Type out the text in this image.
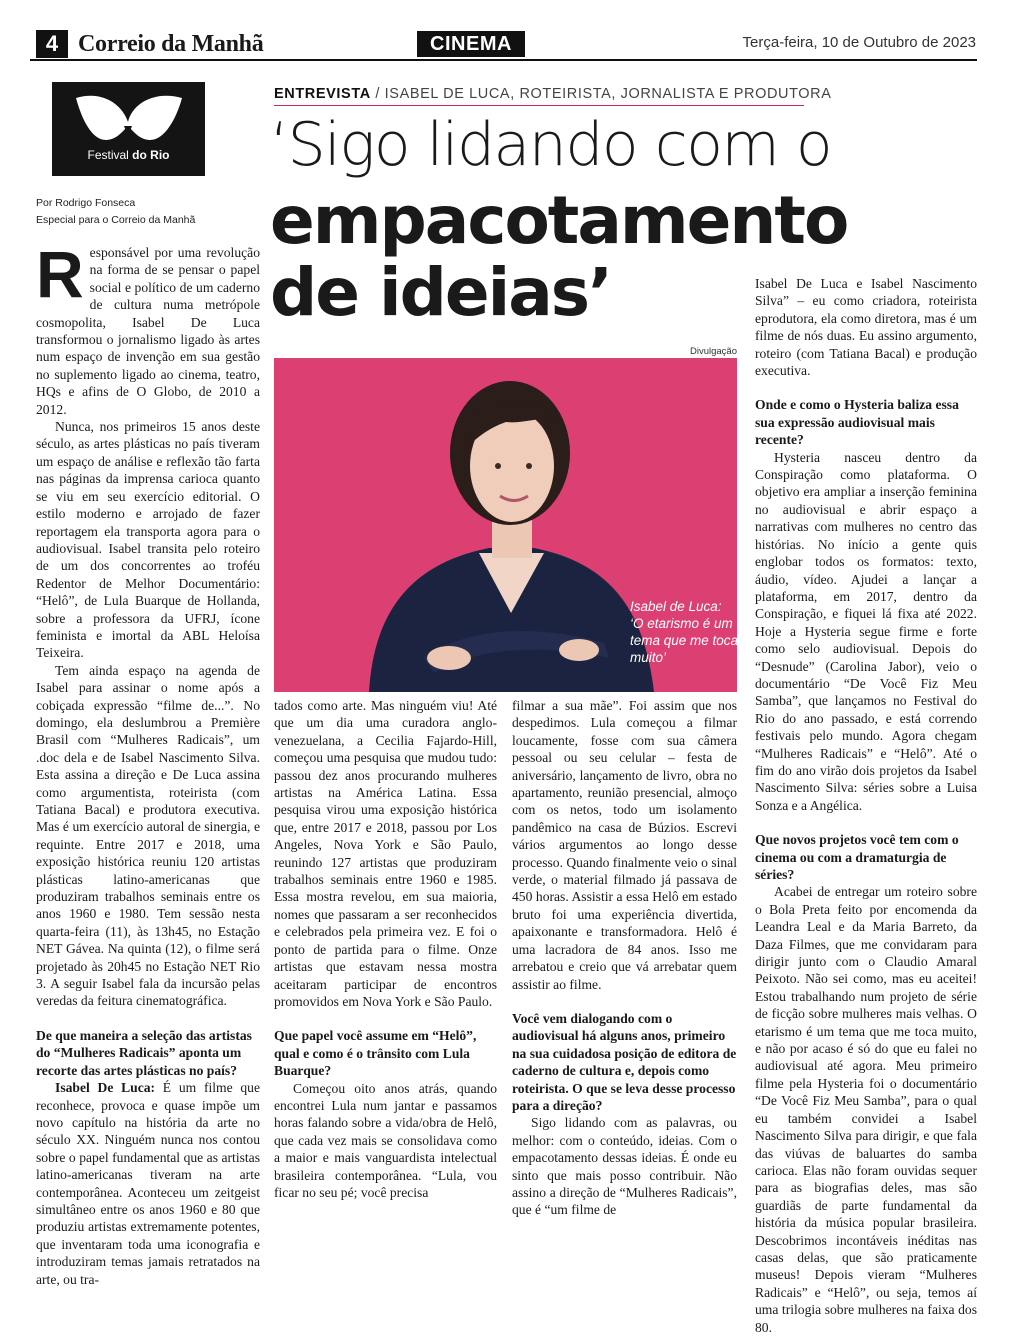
4 Correio da Manhã	CINEMA	Terça-feira, 10 de Outubro de 2023
Festival do Rio
Por Rodrigo Fonseca
Especial para o Correio da Manhã
ENTREVISTA / ISABEL DE LUCA, ROTEIRISTA, JORNALISTA E PRODUTORA
‘Sigo lidando com o
empacotamento
de ideias’
Divulgação
Isabel de Luca:
‘O etarismo é um tema que me toca muito’

Responsável por uma revolução na forma de se pensar o papel social e político de um caderno de cultura numa metrópole cosmopolita, Isabel De Luca transformou o jornalismo ligado às artes num espaço de invenção em sua gestão no suplemento ligado ao cinema, teatro, HQs e afins de O Globo, de 2010 a 2012.

Nunca, nos primeiros 15 anos deste século, as artes plásticas no país tiveram um espaço de análise e reflexão tão farta nas páginas da imprensa carioca quanto se viu em seu exercício editorial. O estilo moderno e arrojado de fazer reportagem ela transporta agora para o audiovisual. Isabel transita pelo roteiro de um dos concorrentes ao troféu Redentor de Melhor Documentário: “Helô”, de Lula Buarque de Hollanda, sobre a professora da UFRJ, ícone feminista e imortal da ABL Heloísa Teixeira.

Tem ainda espaço na agenda de Isabel para assinar o nome após a cobiçada expressão “filme de...”. No domingo, ela deslumbrou a Première Brasil com “Mulheres Radicais”, um .doc dela e de Isabel Nascimento Silva. Esta assina a direção e De Luca assina como argumentista, roteirista (com Tatiana Bacal) e produtora executiva. Mas é um exercício autoral de sinergia, e requinte. Entre 2017 e 2018, uma exposição histórica reuniu 120 artistas plásticas latino-americanas que produziram trabalhos seminais entre os anos 1960 e 1980. Tem sessão nesta quarta-feira (11), às 13h45, no Estação NET Gávea. Na quinta (12), o filme será projetado às 20h45 no Estação NET Rio 3. A seguir Isabel fala da incursão pelas veredas da feitura cinematográfica.

De que maneira a seleção das artistas do “Mulheres Radicais” aponta um recorte das artes plásticas no país?

Isabel De Luca: É um filme que reconhece, provoca e quase impõe um novo capítulo na história da arte no século XX. Ninguém nunca nos contou sobre o papel fundamental que as artistas latino-americanas tiveram na arte contemporânea. Aconteceu um zeitgeist simultâneo entre os anos 1960 e 80 que produziu artistas extremamente potentes, que inventaram toda uma iconografia e introduziram temas jamais retratados na arte, ou tra-

tados como arte. Mas ninguém viu! Até que um dia uma curadora anglo-venezuelana, a Cecilia Fajardo-Hill, começou uma pesquisa que mudou tudo: passou dez anos procurando mulheres artistas na América Latina. Essa pesquisa virou uma exposição histórica que, entre 2017 e 2018, passou por Los Angeles, Nova York e São Paulo, reunindo 127 artistas que produziram trabalhos seminais entre 1960 e 1985. Essa mostra revelou, em sua maioria, nomes que passaram a ser reconhecidos e celebrados pela primeira vez. E foi o ponto de partida para o filme. Onze artistas que estavam nessa mostra aceitaram participar de encontros promovidos em Nova York e São Paulo.

Que papel você assume em “Helô”, qual e como é o trânsito com Lula Buarque?

Começou oito anos atrás, quando encontrei Lula num jantar e passamos horas falando sobre a vida/obra de Helô, que cada vez mais se consolidava como a maior e mais vanguardista intelectual brasileira contemporânea. “Lula, vou ficar no seu pé; você precisa

filmar a sua mãe”. Foi assim que nos despedimos. Lula começou a filmar loucamente, fosse com sua câmera pessoal ou seu celular – festa de aniversário, lançamento de livro, obra no apartamento, reunião presencial, almoço com os netos, todo um isolamento pandêmico na casa de Búzios. Escrevi vários argumentos ao longo desse processo. Quando finalmente veio o sinal verde, o material filmado já passava de 450 horas. Assistir a essa Helô em estado bruto foi uma experiência divertida, apaixonante e transformadora. Helô é uma lacradora de 84 anos. Isso me arrebatou e creio que vá arrebatar quem assistir ao filme.

Você vem dialogando com o audiovisual há alguns anos, primeiro na sua cuidadosa posição de editora de caderno de cultura e, depois como roteirista. O que se leva desse processo para a direção?

Sigo lidando com as palavras, ou melhor: com o conteúdo, ideias. Com o empacotamento dessas ideias. É onde eu sinto que mais posso contribuir. Não assino a direção de “Mulheres Radicais”, que é “um filme de

Isabel De Luca e Isabel Nascimento Silva” – eu como criadora, roteirista eprodutora, ela como diretora, mas é um filme de nós duas. Eu assino argumento, roteiro (com Tatiana Bacal) e produção executiva.

Onde e como o Hysteria baliza essa sua expressão audiovisual mais recente?

Hysteria nasceu dentro da Conspiração como plataforma. O objetivo era ampliar a inserção feminina no audiovisual e abrir espaço a narrativas com mulheres no centro das histórias. No início a gente quis englobar todos os formatos: texto, áudio, vídeo. Ajudei a lançar a plataforma, em 2017, dentro da Conspiração, e fiquei lá fixa até 2022. Hoje a Hysteria segue firme e forte como selo audiovisual. Depois do “Desnude” (Carolina Jabor), veio o documentário “De Você Fiz Meu Samba”, que lançamos no Festival do Rio do ano passado, e está correndo festivais pelo mundo. Agora chegam “Mulheres Radicais” e “Helô”. Até o fim do ano virão dois projetos da Isabel Nascimento Silva: séries sobre a Luisa Sonza e a Angélica.

Que novos projetos você tem com o cinema ou com a dramaturgia de séries?

Acabei de entregar um roteiro sobre o Bola Preta feito por encomenda da Leandra Leal e da Maria Barreto, da Daza Filmes, que me convidaram para dirigir junto com o Claudio Amaral Peixoto. Não sei como, mas eu aceitei! Estou trabalhando num projeto de série de ficção sobre mulheres mais velhas. O etarismo é um tema que me toca muito, e não por acaso é só do que eu falei no audiovisual até agora. Meu primeiro filme pela Hysteria foi o documentário “De Você Fiz Meu Samba”, para o qual eu também convidei a Isabel Nascimento Silva para dirigir, e que fala das viúvas de baluartes do samba carioca. Elas não foram ouvidas sequer para as biografias deles, mas são guardiãs de parte fundamental da história da música popular brasileira. Descobrimos incontáveis inéditas nas casas delas, que são praticamente museus! Depois vieram “Mulheres Radicais” e “Helô”, ou seja, temos aí uma trilogia sobre mulheres na faixa dos 80.
